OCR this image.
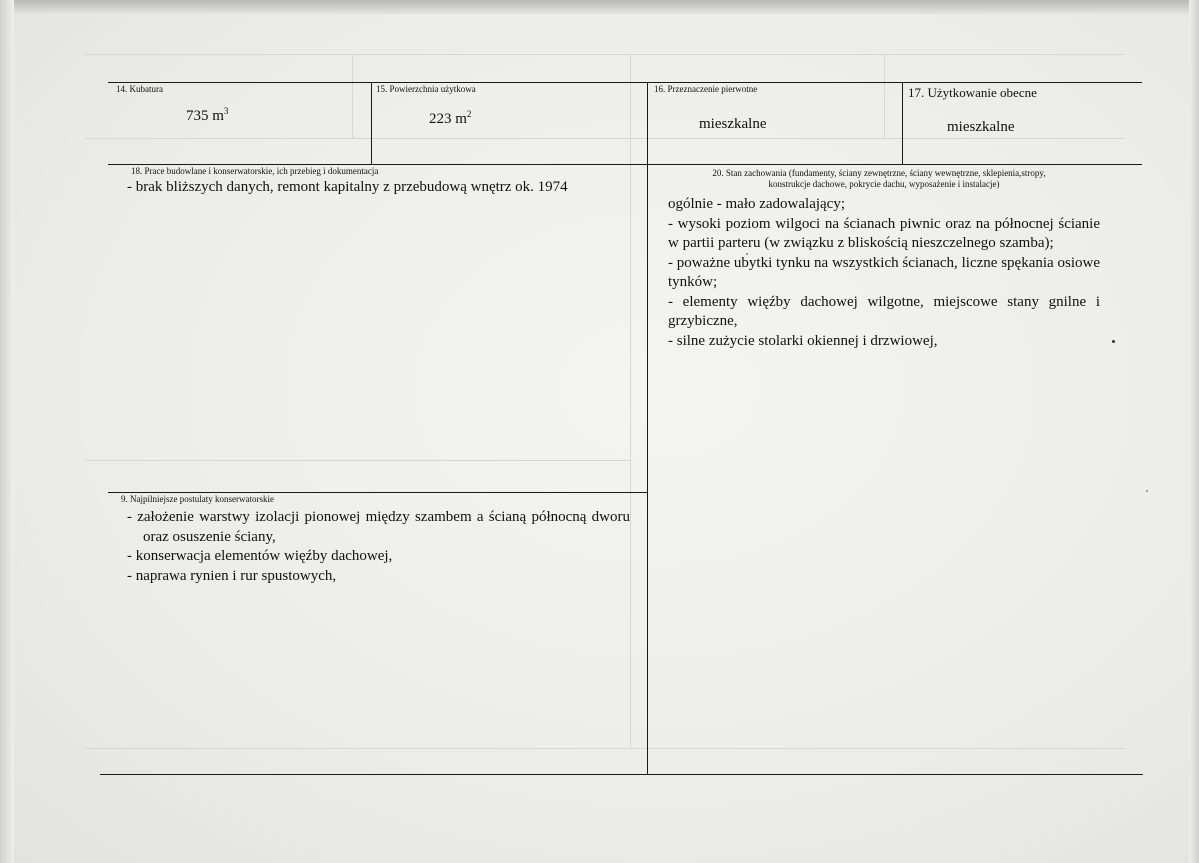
14. Kubatura
735 $m^3$
15. Powierzchnia użytkowa
223 $m^2$
16. Przeznaczenie pierwotne
mieszkalne
17. Użytkowanie obecne
mieszkalne
18. Prace budowlane i konserwatorskie, ich przebieg i dokumentacja

- brak bliższych danych, remont kapitalny z przebudową wnętrz ok. 1974

20. Stan zachowania (fundamenty, ściany zewnętrzne, ściany wewnętrzne, sklepienia,stropy,
konstrukcje dachowe, pokrycie dachu, wyposażenie i instalacje)

ogólnie - mało zadowalający;

- wysoki poziom wilgoci na ścianach piwnic oraz na północnej ścianie w partii parteru (w związku z bliskością nieszczelnego szamba);

- poważne ubytki tynku na wszystkich ścianach, liczne spękania osiowe tynków;

- elementy więźby dachowej wilgotne, miejscowe stany gnilne i grzybiczne,

- silne zużycie stolarki okiennej i drzwiowej,

9. Najpilniejsze postulaty konserwatorskie

- założenie warstwy izolacji pionowej między szambem a ścianą północną dworu oraz osuszenie ściany,

- konserwacja elementów więźby dachowej,

- naprawa rynien i rur spustowych,
